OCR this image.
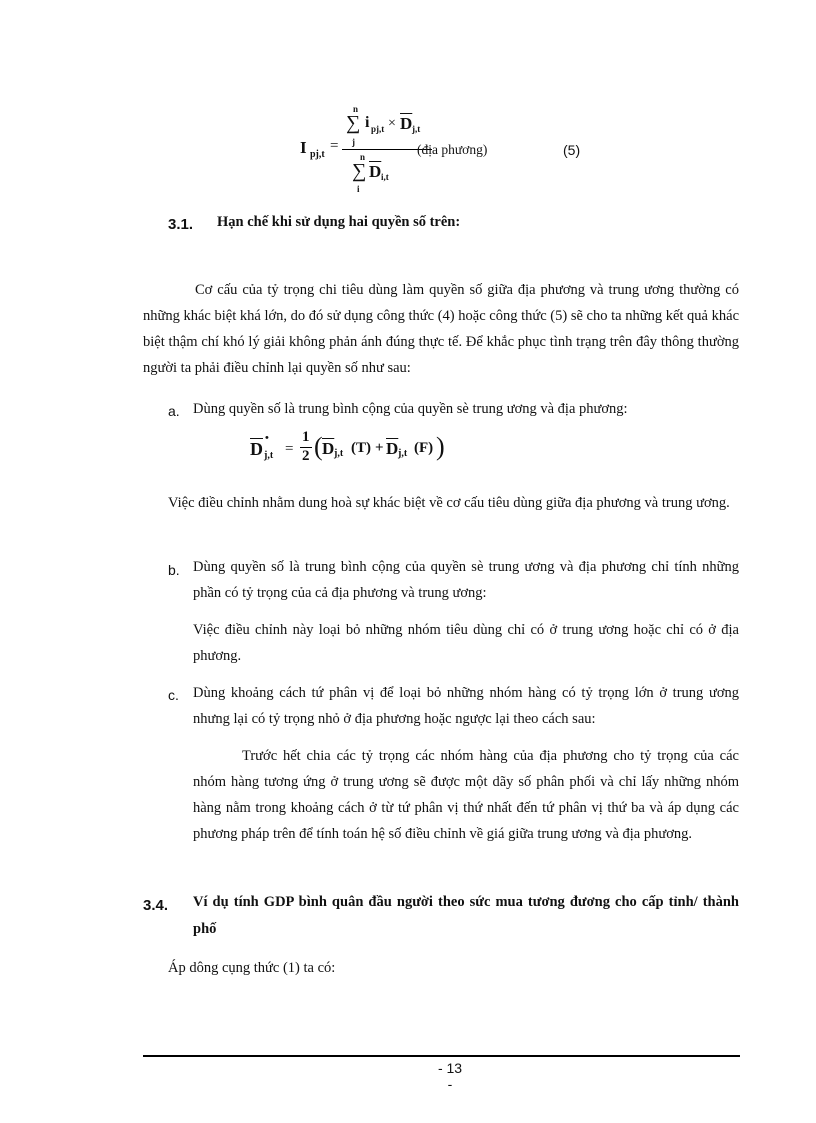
I pj,t
=
n
∑
j
i $pj,t \times \overline{D}$ j,t
n
∑
i
$\overline{D}$ i,t
(địa phương)	(5)
3.1. Hạn chế khi sử dụng hai quyền số trên:
Cơ cấu của tỷ trọng chi tiêu dùng làm quyền số giữa địa phương và trung ương thường có những khác biệt khá lớn, do đó sử dụng công thức (4) hoặc công thức (5) sẽ cho ta những kết quả khác biệt thậm chí khó lý giải không phản ánh đúng thực tế. Để khắc phục tình trạng trên đây thông thường người ta phải điều chỉnh lại quyền số như sau:
a. Dùng quyền số là trung bình cộng của quyền sè trung ương và địa phương:
$\overline{D}$
•
j,t =
1
2 ( $\overline{D}$ j,t $(T) + \overline{D}$ j,t (F) )
Việc điều chỉnh nhằm dung hoà sự khác biệt về cơ cấu tiêu dùng giữa địa phương và trung ương.
b. Dùng quyền số là trung bình cộng của quyền sè trung ương và địa phương chỉ tính những phần có tỷ trọng của cả địa phương và trung ương:
Việc điều chỉnh này loại bỏ những nhóm tiêu dùng chỉ có ở trung ương hoặc chỉ có ở địa phương.
c. Dùng khoảng cách tứ phân vị để loại bỏ những nhóm hàng có tỷ trọng lớn ở trung ương nhưng lại có tỷ trọng nhỏ ở địa phương hoặc ngược lại theo cách sau:
Trước hết chia các tỷ trọng các nhóm hàng của địa phương cho tỷ trọng của các nhóm hàng tương ứng ở trung ương sẽ được một dãy số phân phối và chỉ lấy những nhóm hàng nằm trong khoảng cách ở từ tứ phân vị thứ nhất đến tứ phân vị thứ ba và áp dụng các phương pháp trên để tính toán hệ số điều chỉnh về giá giữa trung ương và địa phương.
3.4. Ví dụ tính GDP bình quân đầu người theo sức mua tương đương cho cấp tỉnh/ thành phố
Áp dông cụng thức (1) ta có:
- 13
-
